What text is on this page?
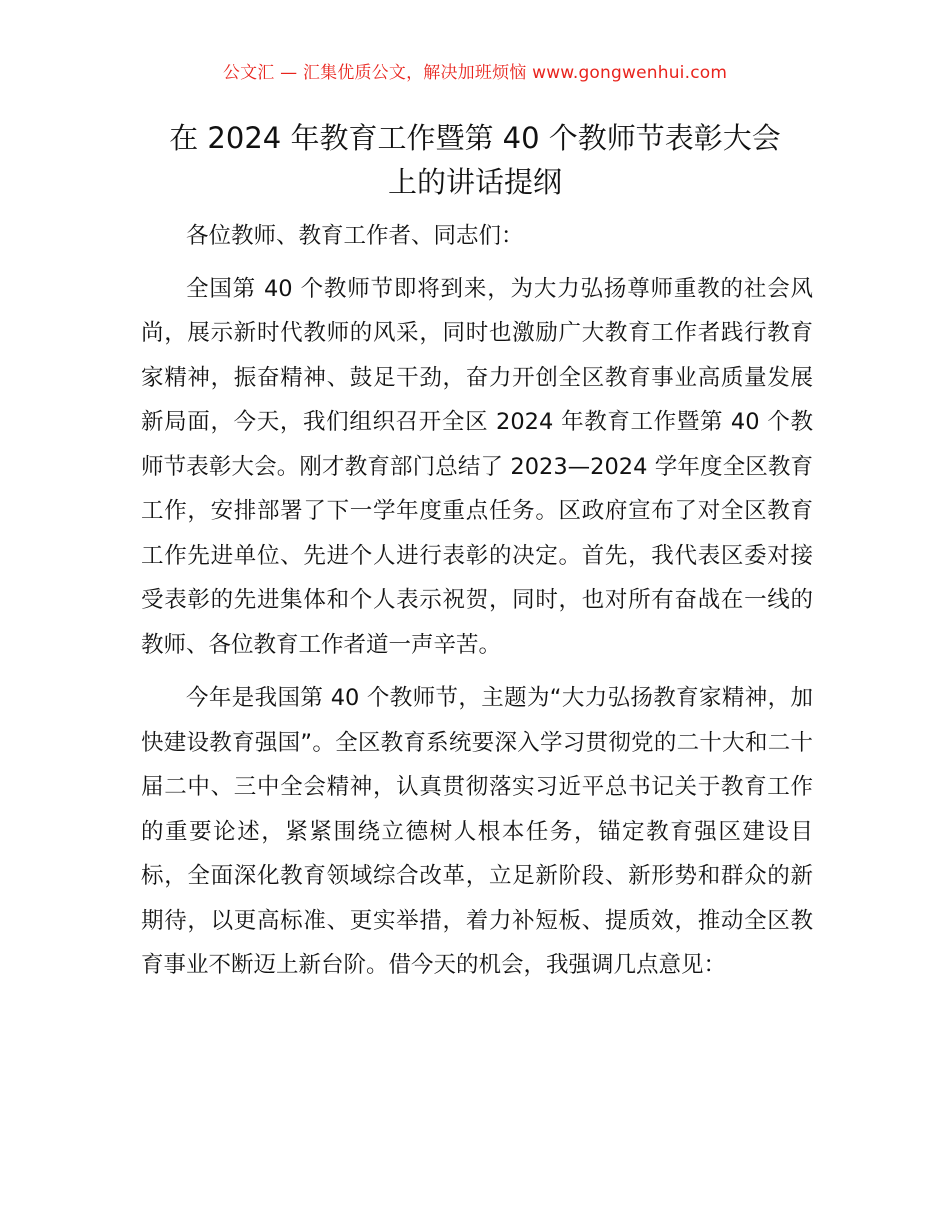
公文汇 — 汇集优质公文，解决加班烦恼 www.gongwenhui.com
在 2024 年教育工作暨第 40 个教师节表彰大会
上的讲话提纲

各位教师、教育工作者、同志们：

全国第 40 个教师节即将到来，为大力弘扬尊师重教的社会风尚，展示新时代教师的风采，同时也激励广大教育工作者践行教育家精神，振奋精神、鼓足干劲，奋力开创全区教育事业高质量发展新局面，今天，我们组织召开全区 2024 年教育工作暨第 40 个教师节表彰大会。刚才教育部门总结了 2023—2024 学年度全区教育工作，安排部署了下一学年度重点任务。区政府宣布了对全区教育工作先进单位、先进个人进行表彰的决定。首先，我代表区委对接受表彰的先进集体和个人表示祝贺，同时，也对所有奋战在一线的教师、各位教育工作者道一声辛苦。

今年是我国第 40 个教师节，主题为“大力弘扬教育家精神，加快建设教育强国”。全区教育系统要深入学习贯彻党的二十大和二十届二中、三中全会精神，认真贯彻落实习近平总书记关于教育工作的重要论述，紧紧围绕立德树人根本任务，锚定教育强区建设目标，全面深化教育领域综合改革，立足新阶段、新形势和群众的新期待，以更高标准、更实举措，着力补短板、提质效，推动全区教育事业不断迈上新台阶。借今天的机会，我强调几点意见：
